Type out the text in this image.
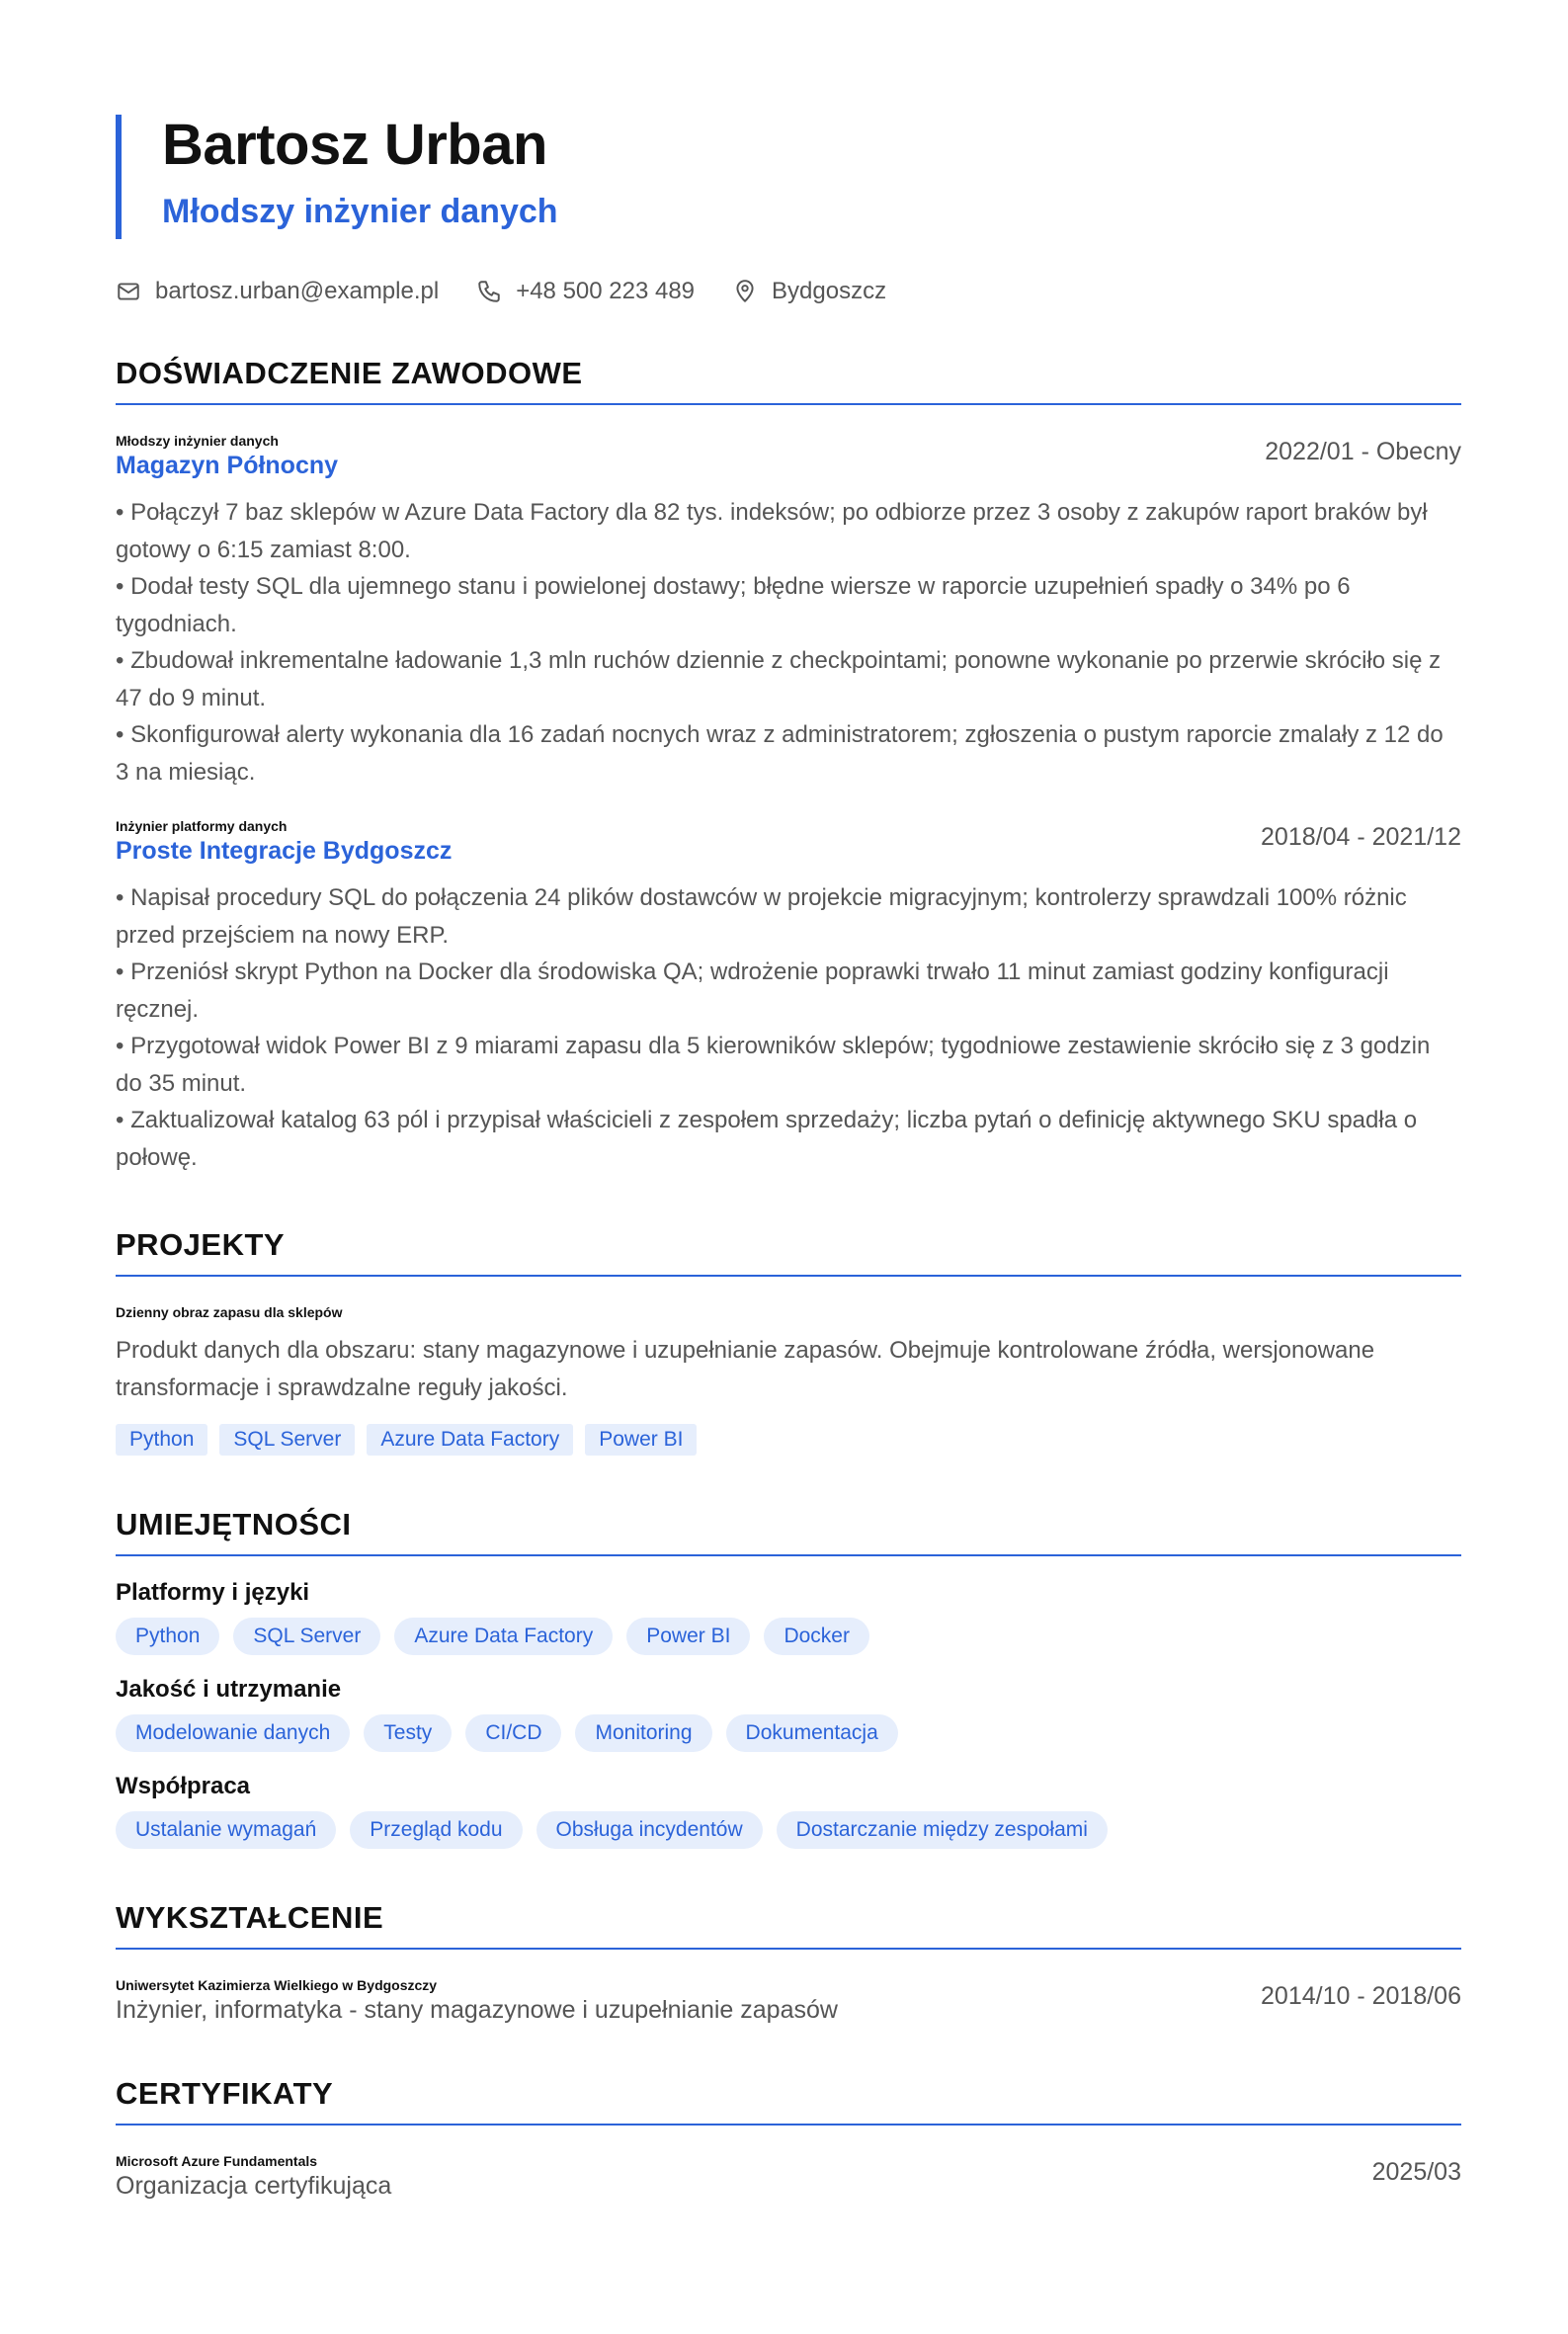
Bartosz Urban
Młodszy inżynier danych
bartosz.urban@example.pl	+48 500 223 489	Bydgoszcz
DOŚWIADCZENIE ZAWODOWE
Młodszy inżynier danych
Magazyn Północny	2022/01 - Obecny
• Połączył 7 baz sklepów w Azure Data Factory dla 82 tys. indeksów; po odbiorze przez 3 osoby z zakupów raport braków był gotowy o 6:15 zamiast 8:00.
• Dodał testy SQL dla ujemnego stanu i powielonej dostawy; błędne wiersze w raporcie uzupełnień spadły o 34% po 6 tygodniach.
• Zbudował inkrementalne ładowanie 1,3 mln ruchów dziennie z checkpointami; ponowne wykonanie po przerwie skróciło się z 47 do 9 minut.
• Skonfigurował alerty wykonania dla 16 zadań nocnych wraz z administratorem; zgłoszenia o pustym raporcie zmalały z 12 do 3 na miesiąc.
Inżynier platformy danych
Proste Integracje Bydgoszcz	2018/04 - 2021/12
• Napisał procedury SQL do połączenia 24 plików dostawców w projekcie migracyjnym; kontrolerzy sprawdzali 100% różnic przed przejściem na nowy ERP.
• Przeniósł skrypt Python na Docker dla środowiska QA; wdrożenie poprawki trwało 11 minut zamiast godziny konfiguracji ręcznej.
• Przygotował widok Power BI z 9 miarami zapasu dla 5 kierowników sklepów; tygodniowe zestawienie skróciło się z 3 godzin do 35 minut.
• Zaktualizował katalog 63 pól i przypisał właścicieli z zespołem sprzedaży; liczba pytań o definicję aktywnego SKU spadła o połowę.
PROJEKTY
Dzienny obraz zapasu dla sklepów
Produkt danych dla obszaru: stany magazynowe i uzupełnianie zapasów. Obejmuje kontrolowane źródła, wersjonowane transformacje i sprawdzalne reguły jakości.
Python	SQL Server	Azure Data Factory	Power BI
UMIEJĘTNOŚCI
Platformy i języki
Python	SQL Server	Azure Data Factory	Power BI	Docker
Jakość i utrzymanie
Modelowanie danych	Testy	CI/CD	Monitoring	Dokumentacja
Współpraca
Ustalanie wymagań	Przegląd kodu	Obsługa incydentów	Dostarczanie między zespołami
WYKSZTAŁCENIE
Uniwersytet Kazimierza Wielkiego w Bydgoszczy
Inżynier, informatyka - stany magazynowe i uzupełnianie zapasów	2014/10 - 2018/06
CERTYFIKATY
Microsoft Azure Fundamentals
Organizacja certyfikująca	2025/03
